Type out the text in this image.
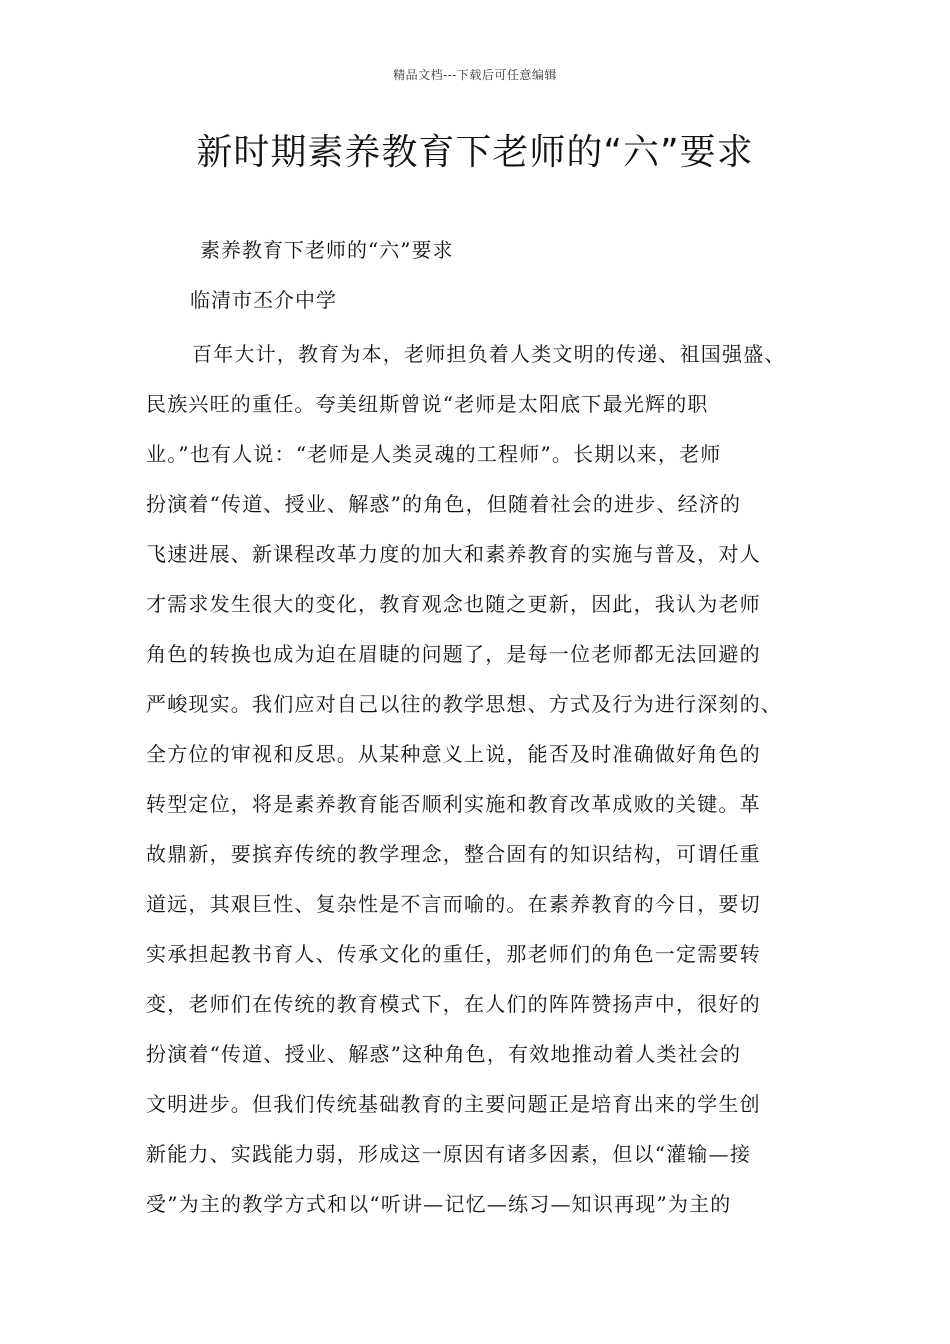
精品文档---下载后可任意编辑
新时期素养教育下老师的“六”要求
素养教育下老师的“六”要求
临清市丕介中学
百年大计，教育为本，老师担负着人类文明的传递、祖国强盛、
民族兴旺的重任。夸美纽斯曾说“老师是太阳底下最光辉的职
业。”也有人说：“老师是人类灵魂的工程师”。长期以来，老师
扮演着“传道、授业、解惑”的角色，但随着社会的进步、经济的
飞速进展、新课程改革力度的加大和素养教育的实施与普及，对人
才需求发生很大的变化，教育观念也随之更新，因此，我认为老师
角色的转换也成为迫在眉睫的问题了，是每一位老师都无法回避的
严峻现实。我们应对自己以往的教学思想、方式及行为进行深刻的、
全方位的审视和反思。从某种意义上说，能否及时准确做好角色的
转型定位，将是素养教育能否顺利实施和教育改革成败的关键。革
故鼎新，要摈弃传统的教学理念，整合固有的知识结构，可谓任重
道远，其艰巨性、复杂性是不言而喻的。在素养教育的今日，要切
实承担起教书育人、传承文化的重任，那老师们的角色一定需要转
变，老师们在传统的教育模式下，在人们的阵阵赞扬声中，很好的
扮演着“传道、授业、解惑”这种角色，有效地推动着人类社会的
文明进步。但我们传统基础教育的主要问题正是培育出来的学生创
新能力、实践能力弱，形成这一原因有诸多因素，但以“灌输—接
受”为主的教学方式和以“听讲—记忆—练习—知识再现”为主的
